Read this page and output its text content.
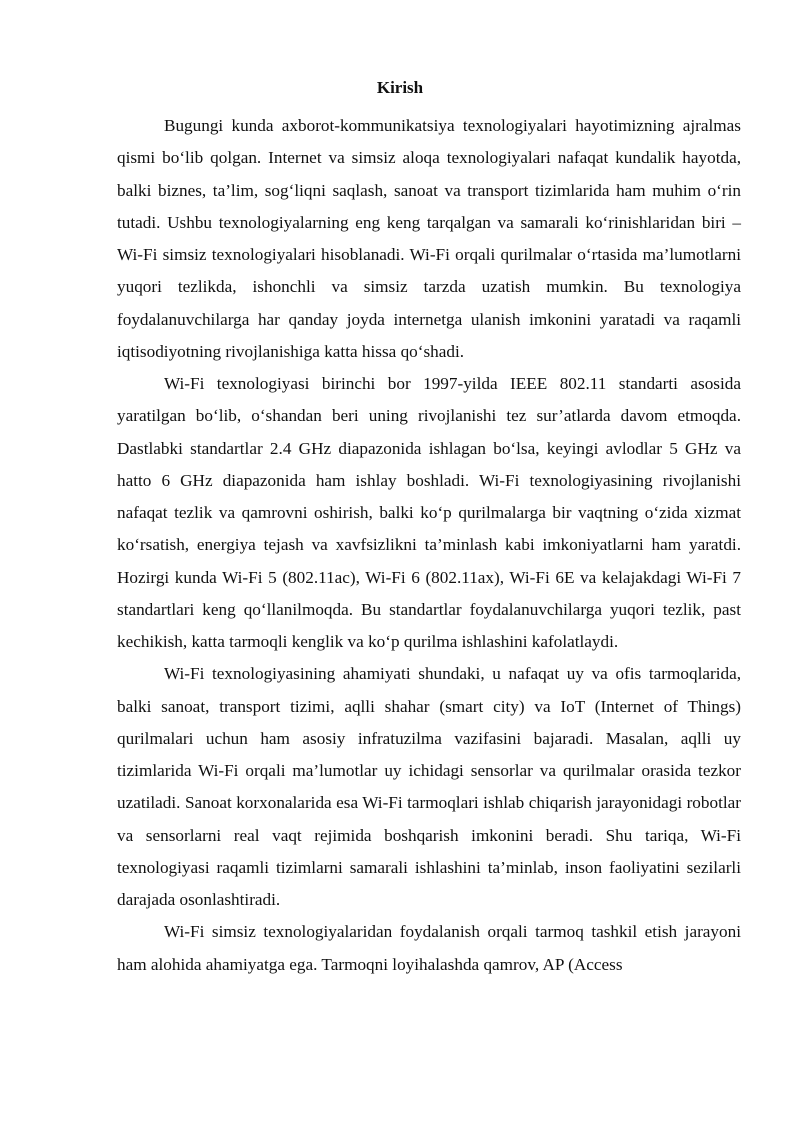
Kirish

Bugungi kunda axborot-kommunikatsiya texnologiyalari hayotimizning ajralmas qismi bo‘lib qolgan. Internet va simsiz aloqa texnologiyalari nafaqat kundalik hayotda, balki biznes, ta’lim, sog‘liqni saqlash, sanoat va transport tizimlarida ham muhim o‘rin tutadi. Ushbu texnologiyalarning eng keng tarqalgan va samarali ko‘rinishlaridan biri – Wi-Fi simsiz texnologiyalari hisoblanadi. Wi-Fi orqali qurilmalar o‘rtasida ma’lumotlarni yuqori tezlikda, ishonchli va simsiz tarzda uzatish mumkin. Bu texnologiya foydalanuvchilarga har qanday joyda internetga ulanish imkonini yaratadi va raqamli iqtisodiyotning rivojlanishiga katta hissa qo‘shadi.

Wi-Fi texnologiyasi birinchi bor 1997-yilda IEEE 802.11 standarti asosida yaratilgan bo‘lib, o‘shandan beri uning rivojlanishi tez sur’atlarda davom etmoqda. Dastlabki standartlar 2.4 GHz diapazonida ishlagan bo‘lsa, keyingi avlodlar 5 GHz va hatto 6 GHz diapazonida ham ishlay boshladi. Wi-Fi texnologiyasining rivojlanishi nafaqat tezlik va qamrovni oshirish, balki ko‘p qurilmalarga bir vaqtning o‘zida xizmat ko‘rsatish, energiya tejash va xavfsizlikni ta’minlash kabi imkoniyatlarni ham yaratdi. Hozirgi kunda Wi-Fi 5 (802.11ac), Wi-Fi 6 (802.11ax), Wi-Fi 6E va kelajakdagi Wi-Fi 7 standartlari keng qo‘llanilmoqda. Bu standartlar foydalanuvchilarga yuqori tezlik, past kechikish, katta tarmoqli kenglik va ko‘p qurilma ishlashini kafolatlaydi.

Wi-Fi texnologiyasining ahamiyati shundaki, u nafaqat uy va ofis tarmoqlarida, balki sanoat, transport tizimi, aqlli shahar (smart city) va IoT (Internet of Things) qurilmalari uchun ham asosiy infratuzilma vazifasini bajaradi. Masalan, aqlli uy tizimlarida Wi-Fi orqali ma’lumotlar uy ichidagi sensorlar va qurilmalar orasida tezkor uzatiladi. Sanoat korxonalarida esa Wi-Fi tarmoqlari ishlab chiqarish jarayonidagi robotlar va sensorlarni real vaqt rejimida boshqarish imkonini beradi. Shu tariqa, Wi-Fi texnologiyasi raqamli tizimlarni samarali ishlashini ta’minlab, inson faoliyatini sezilarli darajada osonlashtiradi.

Wi-Fi simsiz texnologiyalaridan foydalanish orqali tarmoq tashkil etish jarayoni ham alohida ahamiyatga ega. Tarmoqni loyihalashda qamrov, AP (Access
